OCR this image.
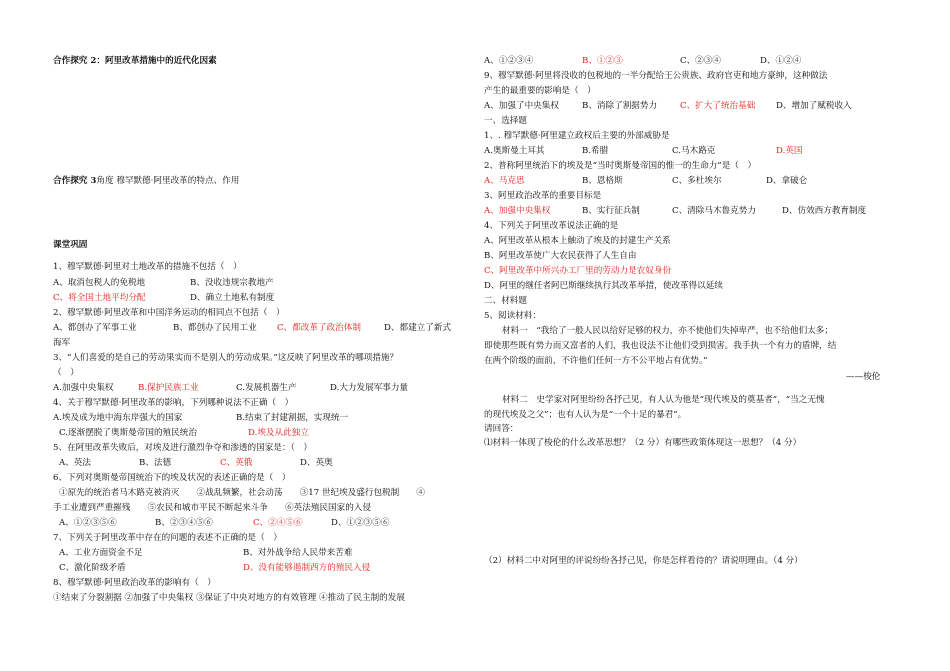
合作探究 2：阿里改革措施中的近代化因素
合作探究 3角度 穆罕默德·阿里改革的特点、作用
课堂巩固
1、穆罕默德·阿里对土地改革的措施不包括（　）
A、取消包税人的免税地	B、没收违规宗教地产
C、将全国土地平均分配	D、确立土地私有制度
2、穆罕默德·阿里改革和中国洋务运动的相同点不包括（　）
A、都创办了军事工业	B、都创办了民用工业 C、都改革了政治体制	D、都建立了新式
海军
3、“人们喜爱的是自己的劳动果实而不是别人的劳动成果。”这反映了阿里改革的哪项措施？
（　）
A.加强中央集权	B.保护民族工业	C.发展机器生产	D.大力发展军事力量
4、关于穆罕默德·阿里改革的影响，下列哪种说法不正确（　）
A.埃及成为地中海东岸强大的国家	B.结束了封建割据，实现统一
C.逐渐摆脱了奥斯曼帝国的殖民统治	D.埃及从此独立
5、在阿里改革失败后，对埃及进行激烈争夺和渗透的国家是：（　）
A、英法	B、法德	C、英俄	D、英奥
6、下列对奥斯曼帝国统治下的埃及状况的表述正确的是（　）
①原先的统治者马木路克被消灭　　②战乱频繁，社会动荡　　③17 世纪埃及盛行包税制　　④
手工业遭到严重摧残　　⑤农民和城市平民不断起来斗争　　⑥英法殖民国家的入侵
A、①②③⑤⑥	B、②③④⑤⑥	C、②④⑤⑥	D、①②③⑤⑥
7、下列关于阿里改革中存在的问题的表述不正确的是（　）
A、工业方面资金不足	B、对外战争给人民带来苦难
C、激化阶级矛盾	D、没有能够遏制西方的殖民入侵
8、穆罕默德·阿里政治改革的影响有（　）
①结束了分裂割据 ②加强了中央集权 ③保证了中央对地方的有效管理 ④推动了民主制的发展
A、①②③④	B、①②③	C、②③④	D、①②④
9、穆罕默德·阿里将没收的包税地的一半分配给王公贵族、政府官吏和地方豪绅，这种做法
产生的最重要的影响是（　）
A、加强了中央集权	B、消除了割据势力	C、扩大了统治基础 D、增加了赋税收入
一、选择题
1、. 穆罕默德·阿里建立政权后主要的外部威胁是
A.奥斯曼土耳其	B.希腊	C.马木路克	D.英国
2、普称阿里统治下的埃及是“当时奥斯曼帝国的惟一的生命力”是（　）
A、马克思	B、恩格斯	C、多杜埃尔	D、拿破仑
3、阿里政治改革的重要目标是
A、加强中央集权	B、实行征兵制	C、清除马木鲁克势力	D、仿效西方教育制度
4、下列关于阿里改革说法正确的是
A、阿里改革从根本上触动了埃及的封建生产关系
B、阿里改革使广大农民获得了人生自由
C、阿里改革中所兴办工厂里的劳动力是农奴身份
D、阿里的继任者阿巴斯继续执行其改革举措，使改革得以延续
二、材料题
5、阅读材料：
材料一　“我给了一般人民以给好足够的权力，亦不使他们失掉卑严，也不给他们太多；
即使那些既有势力而又富者的人们，我也设法不让他们受到损害。我手执一个有力的盾牌，结
在两个阶级的面前，不许他们任何一方不公平地占有优势。”
——梭伦
材料二　史学家对阿里纷纷各抒己见，有人认为他是“现代埃及的奠基者”，“当之无愧
的现代埃及之父”；也有人认为是“一个十足的暴君”。
请回答：
⑴材料一体现了梭伦的什么改革思想？（2 分）有哪些政策体现这一思想？（4 分）
（2）材料二中对阿里的评说纷纷各抒己见，你是怎样看待的？请说明理由。（4 分）
